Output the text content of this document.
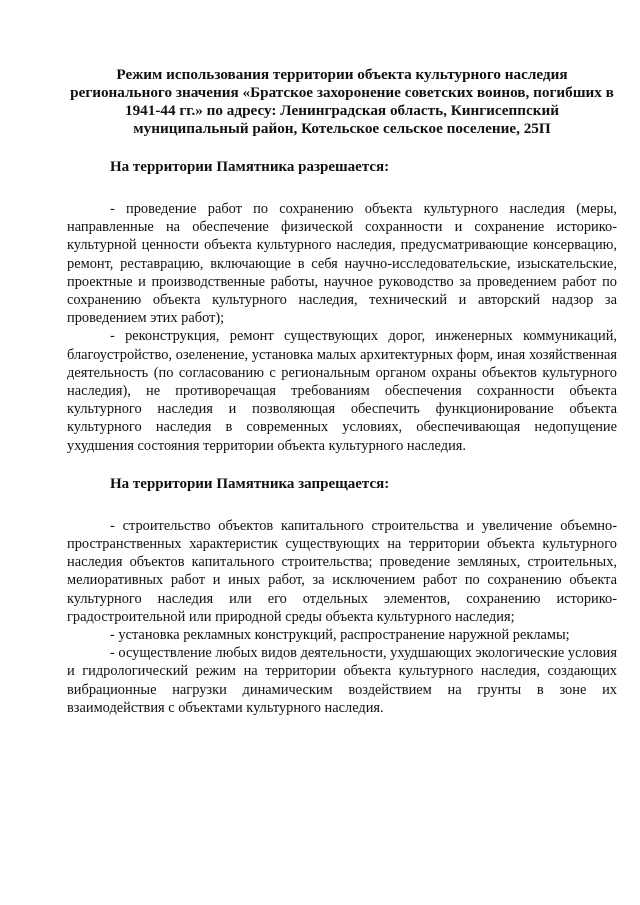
Режим использования территории объекта культурного наследия регионального значения «Братское захоронение советских воинов, погибших в 1941-44 гг.» по адресу: Ленинградская область, Кингисеппский муниципальный район, Котельское сельское поселение, 25П
На территории Памятника разрешается:

- проведение работ по сохранению объекта культурного наследия (меры, направленные на обеспечение физической сохранности и сохранение историко-культурной ценности объекта культурного наследия, предусматривающие консервацию, ремонт, реставрацию, включающие в себя научно-исследовательские, изыскательские, проектные и производственные работы, научное руководство за проведением работ по сохранению объекта культурного наследия, технический и авторский надзор за проведением этих работ);

- реконструкция, ремонт существующих дорог, инженерных коммуникаций, благоустройство, озеленение, установка малых архитектурных форм, иная хозяйственная деятельность (по согласованию с региональным органом охраны объектов культурного наследия), не противоречащая требованиям обеспечения сохранности объекта культурного наследия и позволяющая обеспечить функционирование объекта культурного наследия в современных условиях, обеспечивающая недопущение ухудшения состояния территории объекта культурного наследия.

На территории Памятника запрещается:

- строительство объектов капитального строительства и увеличение объемно-пространственных характеристик существующих на территории объекта культурного наследия объектов капитального строительства; проведение земляных, строительных, мелиоративных работ и иных работ, за исключением работ по сохранению объекта культурного наследия или его отдельных элементов, сохранению историко-градостроительной или природной среды объекта культурного наследия;

- установка рекламных конструкций, распространение наружной рекламы;

- осуществление любых видов деятельности, ухудшающих экологические условия и гидрологический режим на территории объекта культурного наследия, создающих вибрационные нагрузки динамическим воздействием на грунты в зоне их взаимодействия с объектами культурного наследия.
